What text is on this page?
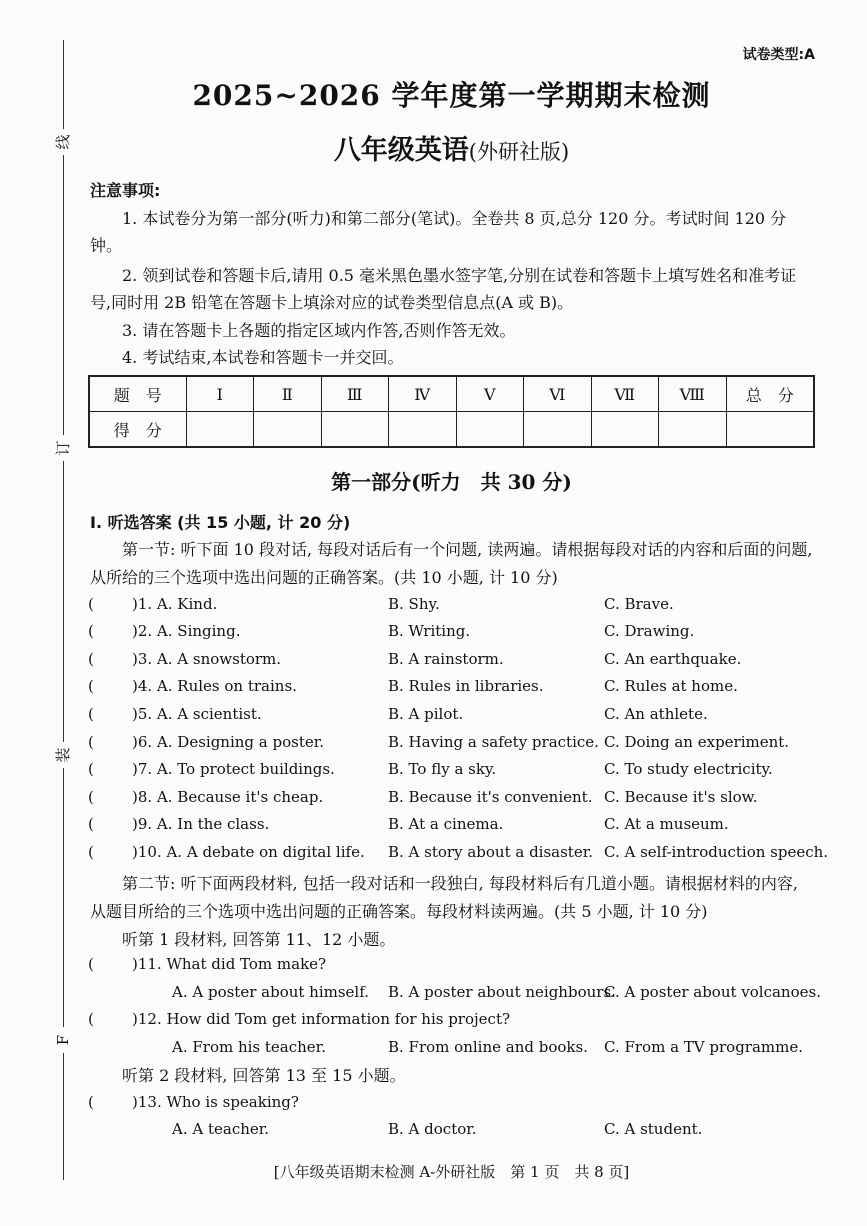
线
订
装
F
试卷类型:A
2025~2026 学年度第一学期期末检测
八年级英语(外研社版)
注意事项:

1. 本试卷分为第一部分(听力)和第二部分(笔试)。全卷共 8 页,总分 120 分。考试时间 120 分钟。

2. 领到试卷和答题卡后,请用 0.5 毫米黑色墨水签字笔,分别在试卷和答题卡上填写姓名和准考证号,同时用 2B 铅笔在答题卡上填涂对应的试卷类型信息点(A 或 B)。

3. 请在答题卡上各题的指定区域内作答,否则作答无效。

4. 考试结束,本试卷和答题卡一并交回。

题　号	Ⅰ	Ⅱ	Ⅲ	Ⅳ	Ⅴ	Ⅵ	Ⅶ	Ⅷ	总　分
得　分									
第一部分(听力　共 30 分)
Ⅰ. 听选答案 (共 15 小题, 计 20 分)

第一节: 听下面 10 段对话, 每段对话后有一个问题, 读两遍。请根据每段对话的内容和后面的问题, 从所给的三个选项中选出问题的正确答案。(共 10 小题, 计 10 分)

(	)1. A. Kind.	B. Shy.	C. Brave.
(	)2. A. Singing.	B. Writing.	C. Drawing.
(	)3. A. A snowstorm.	B. A rainstorm.	C. An earthquake.
(	)4. A. Rules on trains.	B. Rules in libraries.	C. Rules at home.
(	)5. A. A scientist.	B. A pilot.	C. An athlete.
(	)6. A. Designing a poster.	B. Having a safety practice. C. Doing an experiment.
(	)7. A. To protect buildings.	B. To fly a sky.	C. To study electricity.
(	)8. A. Because it's cheap.	B. Because it's convenient. C. Because it's slow.
(	)9. A. In the class.	B. At a cinema.	C. At a museum.
(	)10. A. A debate on digital life. B. A story about a disaster. C. A self-introduction speech.

第二节: 听下面两段材料, 包括一段对话和一段独白, 每段材料后有几道小题。请根据材料的内容, 从题目所给的三个选项中选出问题的正确答案。每段材料读两遍。(共 5 小题, 计 10 分)

听第 1 段材料, 回答第 11、12 小题。
(	)11. What did Tom make?
A. A poster about himself. B. A poster about neighbours.
C. A poster about volcanoes.
(	)12. How did Tom get information for his project?
A. From his teacher.	B. From online and books. C. From a TV programme.
听第 2 段材料, 回答第 13 至 15 小题。
(	)13. Who is speaking?
A. A teacher.	B. A doctor.	C. A student.
[八年级英语期末检测 A-外研社版　第 1 页　共 8 页]
